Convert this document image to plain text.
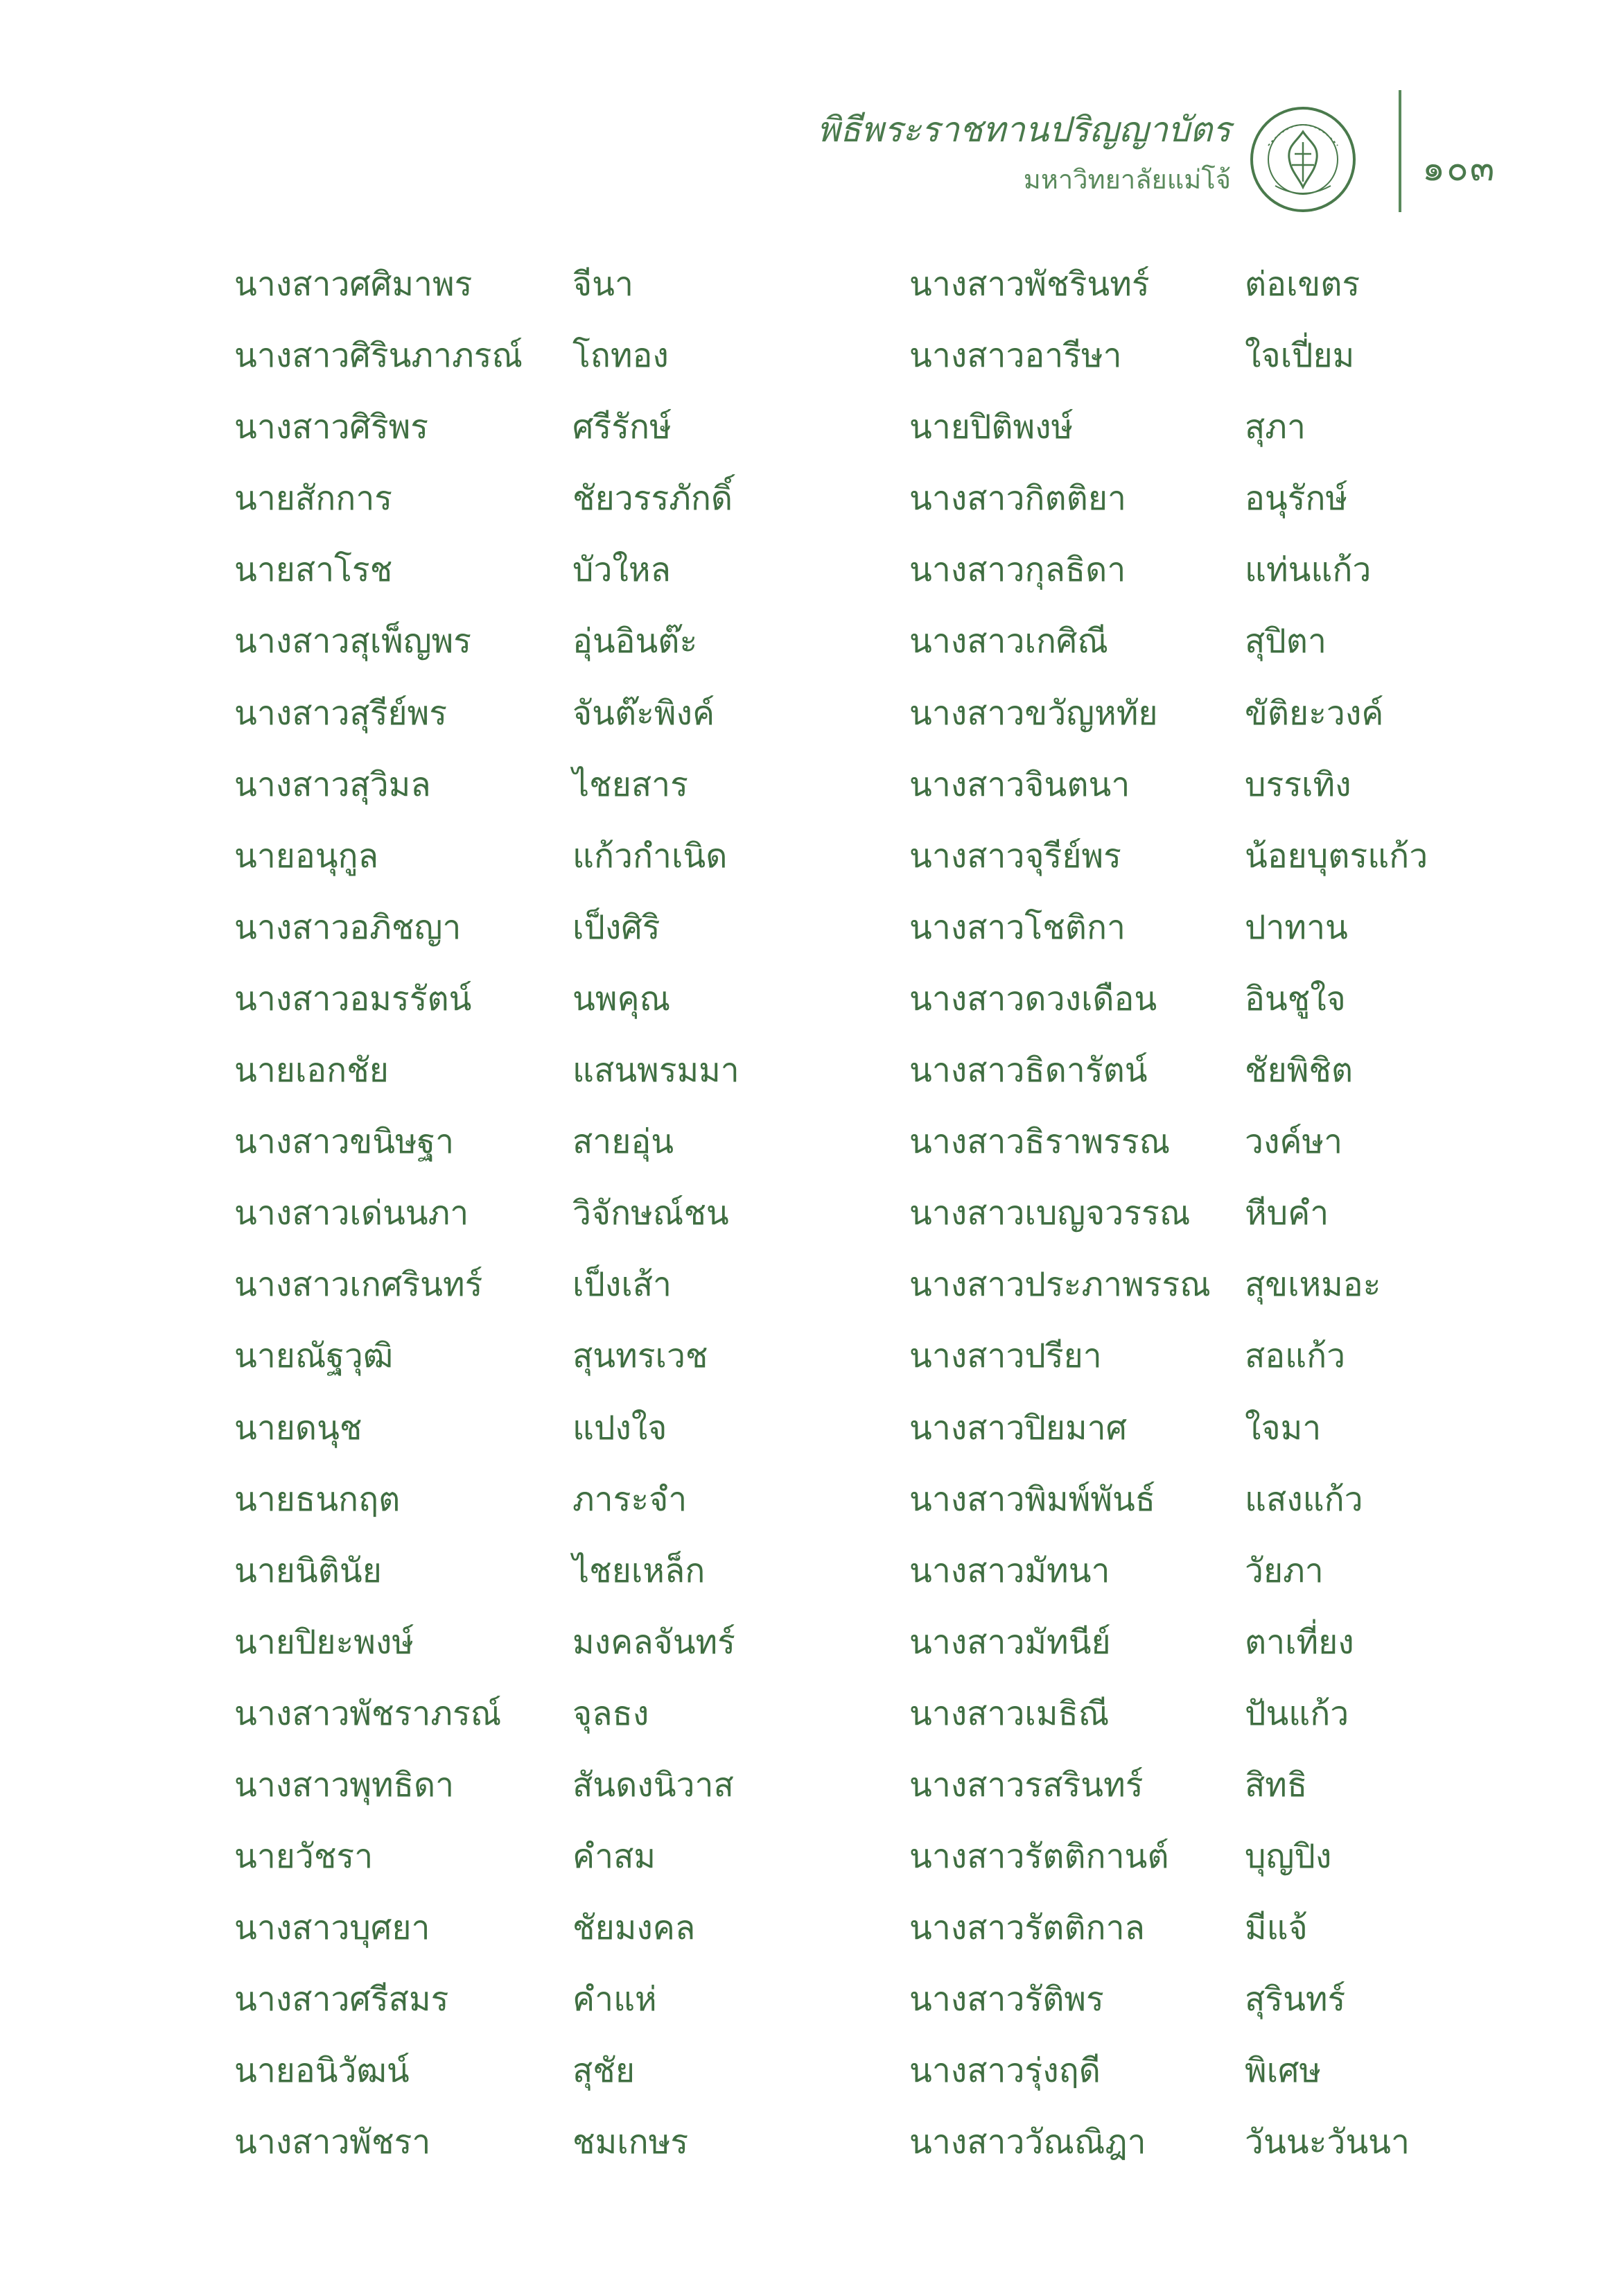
พิธีพระราชทานปริญญาบัตร
มหาวิทยาลัยแม่โจ้	๑๐๓
นางสาวศศิมาพร	จีนา	นางสาวพัชรินทร์	ต่อเขตร
นางสาวศิรินภาภรณ์ โถทอง	นางสาวอารีษา	ใจเปี่ยม
นางสาวศิริพร	ศรีรักษ์	นายปิติพงษ์	สุภา
นายสักการ	ชัยวรรภักดิ์	นางสาวกิตติยา	อนุรักษ์
นายสาโรช	บัวใหล	นางสาวกุลธิดา	แท่นแก้ว
นางสาวสุเพ็ญพร	อุ่นอินต๊ะ	นางสาวเกศิณี	สุปิตา
นางสาวสุรีย์พร	จันต๊ะพิงค์	นางสาวขวัญหทัย	ขัติยะวงค์
นางสาวสุวิมล	ไชยสาร	นางสาวจินตนา	บรรเทิง
นายอนุกูล	แก้วกำเนิด	นางสาวจุรีย์พร	น้อยบุตรแก้ว
นางสาวอภิชญา	เป็งศิริ	นางสาวโชติกา	ปาทาน
นางสาวอมรรัตน์	นพคุณ	นางสาวดวงเดือน	อินชูใจ
นายเอกชัย	แสนพรมมา	นางสาวธิดารัตน์	ชัยพิชิต
นางสาวขนิษฐา	สายอุ่น	นางสาวธิราพรรณ วงค์ษา
นางสาวเด่นนภา	วิจักษณ์ชน	นางสาวเบญจวรรณ หีบคำ
นางสาวเกศรินทร์	เป็งเส้า	นางสาวประภาพรรณ สุขเหมอะ
นายณัฐวุฒิ	สุนทรเวช	นางสาวปรียา	สอแก้ว
นายดนุช	แปงใจ	นางสาวปิยมาศ	ใจมา
นายธนกฤต	ภาระจำ	นางสาวพิมพ์พันธ์	แสงแก้ว
นายนิตินัย	ไชยเหล็ก	นางสาวมัทนา	วัยภา
นายปิยะพงษ์	มงคลจันทร์	นางสาวมัทนีย์	ตาเที่ยง
นางสาวพัชราภรณ์ จุลธง	นางสาวเมธิณี	ปันแก้ว
นางสาวพุทธิดา	สันดงนิวาส	นางสาวรสรินทร์	สิทธิ
นายวัชรา	คำสม	นางสาวรัตติกานต์ บุญปิง
นางสาวบุศยา	ชัยมงคล	นางสาวรัตติกาล	มีแจ้
นางสาวศรีสมร	คำแห่	นางสาวรัติพร	สุรินทร์
นายอนิวัฒน์	สุชัย	นางสาวรุ่งฤดี	พิเศษ
นางสาวพัชรา	ชมเกษร	นางสาววัณณิฎา	วันนะวันนา
